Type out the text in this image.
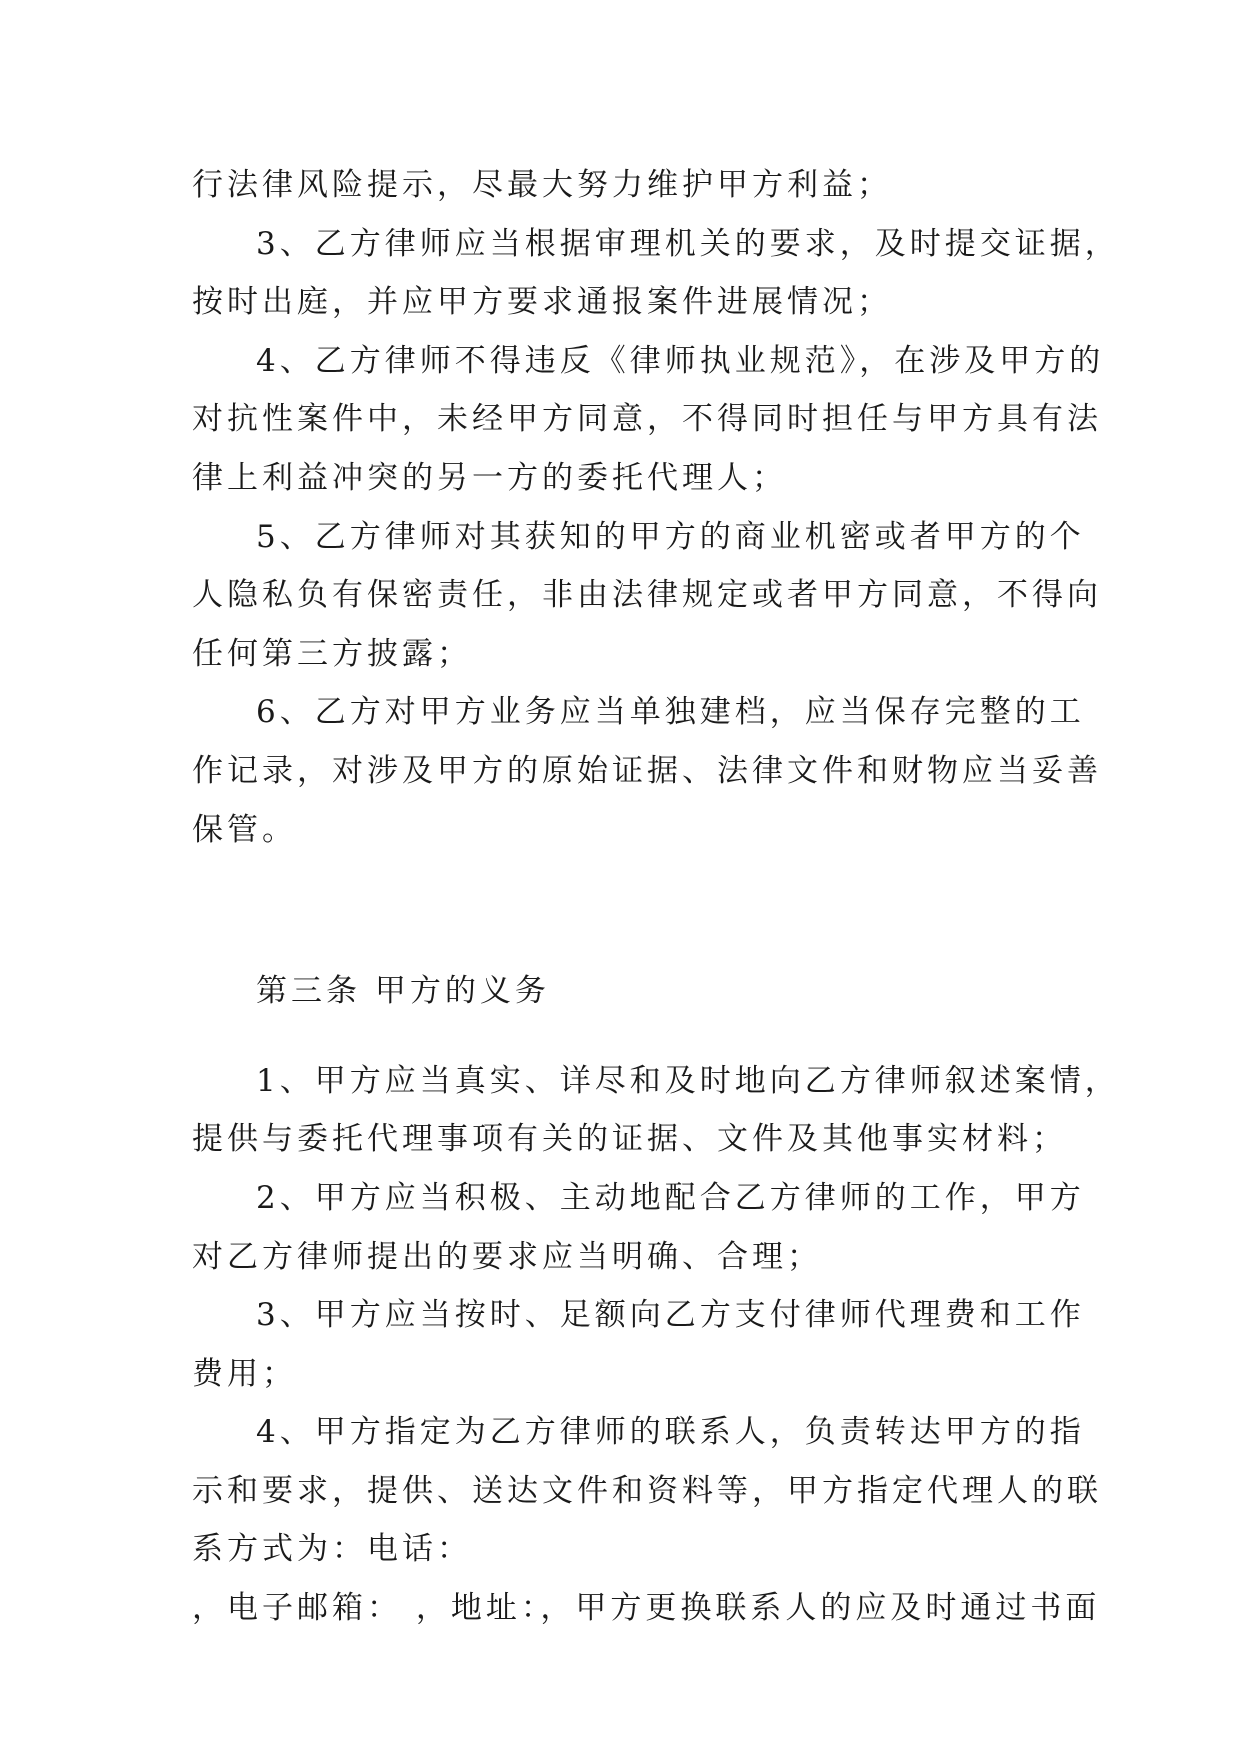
行法律风险提示，尽最大努力维护甲方利益；

3、乙方律师应当根据审理机关的要求，及时提交证据，

按时出庭，并应甲方要求通报案件进展情况；

4、乙方律师不得违反《律师执业规范》，在涉及甲方的

对抗性案件中，未经甲方同意，不得同时担任与甲方具有法

律上利益冲突的另一方的委托代理人；

5、乙方律师对其获知的甲方的商业机密或者甲方的个

人隐私负有保密责任，非由法律规定或者甲方同意，不得向

任何第三方披露；

6、乙方对甲方业务应当单独建档，应当保存完整的工

作记录，对涉及甲方的原始证据、法律文件和财物应当妥善

保管。

第三条 甲方的义务

1、甲方应当真实、详尽和及时地向乙方律师叙述案情，

提供与委托代理事项有关的证据、文件及其他事实材料；

2、甲方应当积极、主动地配合乙方律师的工作，甲方

对乙方律师提出的要求应当明确、合理；

3、甲方应当按时、足额向乙方支付律师代理费和工作

费用；

4、甲方指定为乙方律师的联系人，负责转达甲方的指

示和要求，提供、送达文件和资料等，甲方指定代理人的联

系方式为：电话：

，电子邮箱： ，地址：，甲方更换联系人的应及时通过书面
